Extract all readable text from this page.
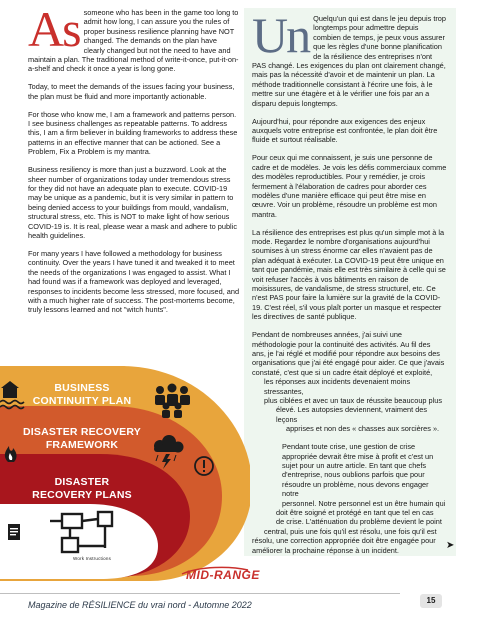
As someone who has been in the game too long to admit how long, I can assure you the rules of proper business resilience planning have NOT changed. The demands on the plan have clearly changed but not the need to have and maintain a plan. The traditional method of write-it-once, put-it-on-a-shelf and check it once a year is long gone.

Today, to meet the demands of the issues facing your business, the plan must be fluid and more importantly actionable.

For those who know me, I am a framework and patterns person. I see business challenges as repeatable patterns. To address this, I am a firm believer in building frameworks to address these patterns in an effective manner that can be actioned. See a Problem, Fix a Problem is my mantra.

Business resiliency is more than just a buzzword. Look at the sheer number of organizations today under tremendous stress for they did not have an adequate plan to execute. COVID-19 may be unique as a pandemic, but it is very similar in pattern to being denied access to your buildings from mould, vandalism, structural stress, etc. This is NOT to make light of how serious COVID-19 is. It is real, please wear a mask and adhere to public health guidelines.

For many years I have followed a methodology for business continuity. Over the years I have tuned it and tweaked it to meet the needs of the organizations I was engaged to assist. What I had found was if a framework was deployed and leveraged, responses to incidents become less stressed, more focused, and with a much higher rate of success. The post-mortems become, truly lessons learned and not "witch hunts".

Un Quelqu'un qui est dans le jeu depuis trop longtemps pour admettre depuis combien de temps, je peux vous assurer que les règles d'une bonne planification de la résilience des entreprises n'ont PAS changé. Les exigences du plan ont clairement changé, mais pas la nécessité d'avoir et de maintenir un plan. La méthode traditionnelle consistant à l'écrire une fois, à le mettre sur une étagère et à le vérifier une fois par an a disparu depuis longtemps.

Aujourd'hui, pour répondre aux exigences des enjeux auxquels votre entreprise est confrontée, le plan doit être fluide et surtout réalisable.

Pour ceux qui me connaissent, je suis une personne de cadre et de modèles. Je vois les défis commerciaux comme des modèles reproductibles. Pour y remédier, je crois fermement à l'élaboration de cadres pour aborder ces modèles d'une manière efficace qui peut être mise en œuvre. Voir un problème, résoudre un problème est mon mantra.

La résilience des entreprises est plus qu'un simple mot à la mode. Regardez le nombre d'organisations aujourd'hui soumises à un stress énorme car elles n'avaient pas de plan adéquat à exécuter. La COVID-19 peut être unique en tant que pandémie, mais elle est très similaire à celle qui se voit refuser l'accès à vos bâtiments en raison de moisissures, de vandalisme, de stress structurel, etc. Ce n'est PAS pour faire la lumière sur la gravité de la COVID-19. C'est réel, s'il vous plaît porter un masque et respecter les directives de santé publique.

Pendant de nombreuses années, j'ai suivi une
méthodologie pour la continuité des activités. Au fil des
ans, je l'ai réglé et modifié pour répondre aux besoins des
organisations que j'ai été engagé pour aider. Ce que j'avais
constaté, c'est que si un cadre était déployé et exploité,
les réponses aux incidents devenaient moins stressantes,
plus ciblées et avec un taux de réussite beaucoup plus
élevé. Les autopsies deviennent, vraiment des leçons
apprises et non des « chasses aux sorcières ».
Pendant toute crise, une gestion de crise
appropriée devrait être mise à profit et c'est un
sujet pour un autre article. En tant que chefs
d'entreprise, nous oublions parfois que pour
résoudre un problème, nous devons engager notre
personnel. Notre personnel est un être humain qui
doit être soigné et protégé en tant que tel en cas
de crise. L'atténuation du problème devient le point
central, puis une fois qu'il est résolu, une fois qu'il est
résolu, une correction appropriée doit être engagée pour
améliorer la prochaine réponse à un incident.
BUSINESS CONTINUITY PLAN
DISASTER RECOVERY FRAMEWORK
DISASTER RECOVERY PLANS
Work Instructions
MID-RANGE
➤
Magazine de RÉSILIENCE du vrai nord - Automne 2022	15
